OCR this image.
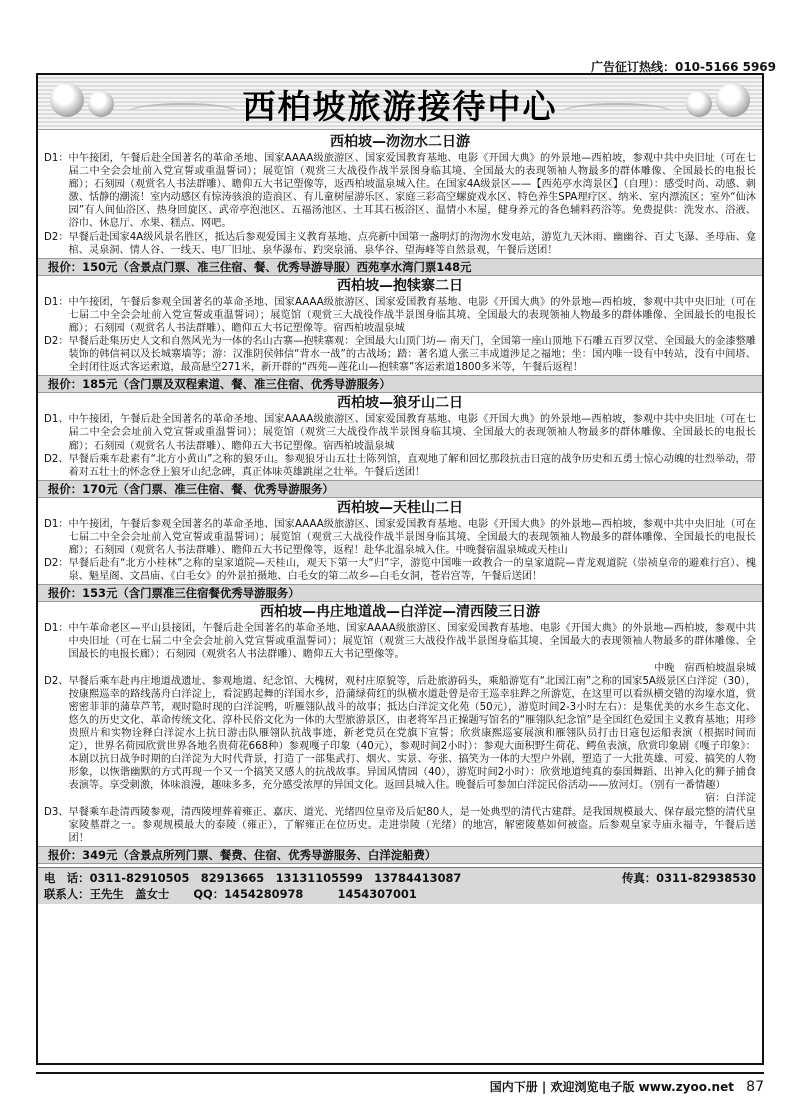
广告征订热线：010-5166 5969
西柏坡旅游接待中心
西柏坡—沕沕水二日游
D1： 中午接团，午餐后赴全国著名的革命圣地、国家AAAA级旅游区、国家爱国教育基地、电影《开国大典》的外景地—西柏坡，参观中共中央旧址（可在七届二中全会会址前入党宣誓或重温誓词）；展览馆（观赏三大战役作战半景图身临其境、全国最大的表现领袖人物最多的群体雕像、全国最长的电报长廊）；石刻园（观赏名人书法群雕）、瞻仰五大书记塑像等，返西柏坡温泉城入住。在国家4A级景区——【西苑亭水湾景区】（自理）：感受时尚、动感、刺激、恬静的潮流！室内动感区有惊涛骇浪的造浪区、有儿童树屋游乐区、家庭三彩高空螺旋戏水区、特色养生SPA理疗区、纳米、室内漂流区；室外“仙沐园”有人间仙浴区、热身回旋区、武帝亭泡池区、五福汤池区、土耳其石板浴区、温情小木屋，健身养元的各色辅料药浴等。免费提供：洗发水、浴液、浴巾、休息厅、水果、糕点、网吧。
D2： 早餐后赴国家4A级风景名胜区，抵达后参观爱国主义教育基地、点亮新中国第一盏明灯的沕沕水发电站，游览九天沐雨、幽幽谷、百丈飞瀑、圣母庙、龛棺、灵泉洞、情人谷、一线天、电厂旧址、泉华瀑布、趵突泉涌、泉华谷、望海峰等自然景观，午餐后送团！
报价：150元（含景点门票、准三住宿、餐、优秀导游导服）西苑享水湾门票148元
西柏坡—抱犊寨二日
D1： 中午接团，午餐后参观全国著名的革命圣地、国家AAAA级旅游区、国家爱国教育基地、电影《开国大典》的外景地—西柏坡，参观中共中央旧址（可在七届二中全会会址前入党宣誓或重温誓词）；展览馆（观赏三大战役作战半景图身临其境、全国最大的表现领袖人物最多的群体雕像、全国最长的电报长廊）；石刻园（观赏名人书法群雕）、瞻仰五大书记塑像等。宿西柏坡温泉城
D2： 早餐后赴集历史人文和自然风光为一体的名山古寨—抱犊寨观：全国最大山顶门坊— 南天门，全国第一座山顶地下石雕五百罗汉堂、全国最大的金漆整雕装饰的韩信祠以及长城寨墙等；游：汉淮阴侯韩信“背水一战”的古战场；踏：著名道人张三丰成道涉足之福地；坐：国内唯一设有中转站，没有中间塔、全封闭往返式客运索道，最高悬空271米，新开群的“西苑—莲花山—抱犊寨”客运索道1800多米等，午餐后返程！
报价：185元（含门票及双程索道、餐、准三住宿、优秀导游服务）
西柏坡—狼牙山二日
D1、 中午接团，午餐后赴全国著名的革命圣地、国家AAAA级旅游区、国家爱国教育基地、电影《开国大典》的外景地—西柏坡，参观中共中央旧址（可在七届二中全会会址前入党宣誓或重温誓词）；展览馆（观赏三大战役作战半景图身临其境、全国最大的表现领袖人物最多的群体雕像、全国最长的电报长廊）；石刻园（观赏名人书法群雕）、瞻仰五大书记塑像。宿西柏坡温泉城
D2、 早餐后乘车赴素有“北方小黄山”之称的狼牙山。参观狼牙山五壮士陈列馆，直观地了解和回忆那段抗击日寇的战争历史和五勇士惊心动魄的壮烈举动，带着对五壮士的怀念登上狼牙山纪念碑，真正体味英雄跳崖之壮举。午餐后送团！
报价：170元（含门票、准三住宿、餐、优秀导游服务）
西柏坡—天桂山二日
D1： 中午接团，午餐后参观全国著名的革命圣地、国家AAAA级旅游区、国家爱国教育基地、电影《开国大典》的外景地—西柏坡，参观中共中央旧址（可在七届二中全会会址前入党宣誓或重温誓词）；展览馆（观赏三大战役作战半景图身临其境、全国最大的表现领袖人物最多的群体雕像、全国最长的电报长廊）；石刻园（观赏名人书法群雕）、瞻仰五大书记塑像等，返程！赴华北温泉城入住。中晚餐宿温泉城或天桂山
D2： 早餐后赴有“北方小桂林”之称的皇家道院—天桂山，观天下第一大“归”字，游览中国唯一政教合一的皇家道院—青龙观道院（崇祯皇帝的避难行宫）、槐泉、魁星阁、文昌庙、《白毛女》的外景拍摄地、白毛女的第二故乡—白毛女洞，苍岩宫等，午餐后送团！
报价：153元（含门票准三住宿餐优秀导游服务）
西柏坡—冉庄地道战—白洋淀—清西陵三日游
D1： 中午革命老区—平山县接团，午餐后赴全国著名的革命圣地、国家AAAA级旅游区、国家爱国教育基地、电影《开国大典》的外景地—西柏坡，参观中共中央旧址（可在七届二中全会会址前入党宣誓或重温誓词）；展览馆（观赏三大战役作战半景图身临其境、全国最大的表现领袖人物最多的群体雕像、全国最长的电报长廊）；石刻园（观赏名人书法群雕）、瞻仰五大书记塑像等。
中晚　宿西柏坡温泉城
D2、 早餐后乘车赴冉庄地道战遗址、参观地道、纪念馆、大槐树，观村庄原貌等，后赴旅游码头，乘船游览有“北国江南”之称的国家5A级景区白洋淀（30），按康熙巡幸的路线荡舟白洋淀上，看淀鸥起舞的洋国水乡，沿蒲绿荷红的纵横水道赴曾是帝王巡幸驻跸之所游览，在这里可以看纵横交错的沟壕水道，赏密密菲菲的蒲草芦苇，观时隐时现的白洋淀鸭，听雁翎队战斗的故事；抵达白洋淀文化苑（50元），游览时间2-3小时左右）：是集优美的水乡生态文化、悠久的历史文化、革命传统文化、淳朴民俗文化为一体的大型旅游景区，由老将军吕正操题写馆名的“雁翎队纪念馆”是全国红色爱国主义教育基地；用珍贵照片和实物诠释白洋淀水上抗日游击队雁翎队抗战事迹，新老党员在党旗下宣誓；欣赏康熙巡宴展演和雁翎队员打击日寇包运船表演（根据时间而定），世界名荷园欣赏世界各地名贵荷花668种）参观嘎子印象（40元），参观时间2小时）：参观大面积野生荷花、鳄鱼表演，欣赏印象剧《嘎子印象》：本剧以抗日战争时期的白洋淀为大时代背景，打造了一部集武打、烟火、实景、夸张、搞笑为一体的大型户外剧，塑造了一大批英雄、可爱、搞笑的人物形象，以恢谐幽默的方式再现一个又一个搞笑又感人的抗战故事。异国风情园（40），游览时间2小时）：欣赏地道纯真的泰国舞蹈、出神入化的狮子捕食表演等。享受刺激，体味浪漫，趣味多多，充分感受浓厚的异国文化。返回县城入住。晚餐后可参加白洋淀民俗活动——放河灯。（别有一番情趣）
宿：白洋淀
D3、 早餐乘车赴清西陵参观，清西陵埋葬着雍正、嘉庆、道光、光绪四位皇帝及后妃80人，是一处典型的清代古建群。是我国规模最大、保存最完整的清代皇家陵墓群之一。参观规模最大的泰陵（雍正），了解雍正在位历史。走进崇陵（光绪）的地宫，解密陵墓如何被盗。后参观皇家寺庙永福寺，午餐后送团！
报价：349元（含景点所列门票、餐费、住宿、优秀导游服务、白洋淀船费）
电　话： 0311-82910505　82913665　13131105599　13784413087	传真：0311-82938530
联系人： 王先生　盖女士 QQ： 1454280978　　　1454307001
国内下册 | 欢迎浏览电子版 www.zyoo.net 87
